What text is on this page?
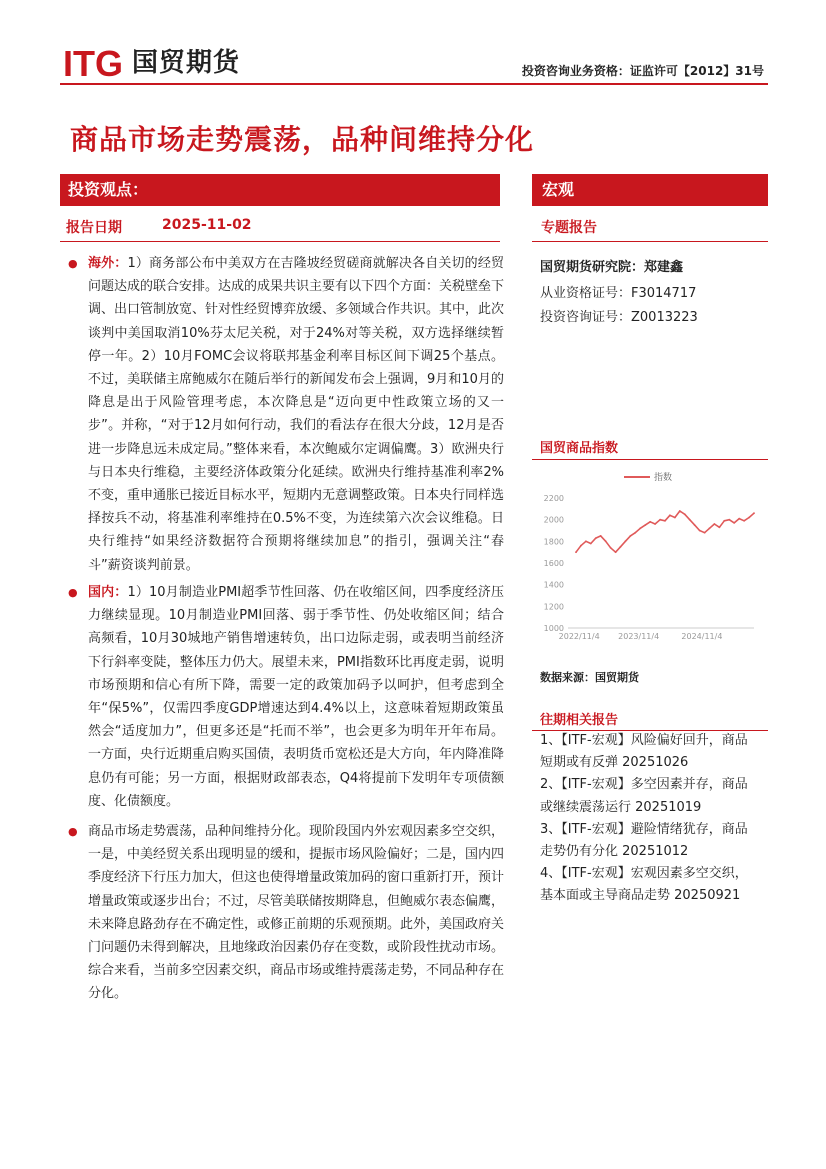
ITG 国贸期货	投资咨询业务资格：证监许可【2012】31号
商品市场走势震荡，品种间维持分化
投资观点：
报告日期	2025-11-02
● 海外：1）商务部公布中美双方在吉隆坡经贸磋商就解决各自关切的经贸问题达成的联合安排。达成的成果共识主要有以下四个方面：关税壁垒下调、出口管制放宽、针对性经贸博弈放缓、多领域合作共识。其中，此次谈判中美国取消10%芬太尼关税，对于24%对等关税，双方选择继续暂停一年。2）10月FOMC会议将联邦基金利率目标区间下调25个基点。不过，美联储主席鲍威尔在随后举行的新闻发布会上强调，9月和10月的降息是出于风险管理考虑，本次降息是“迈向更中性政策立场的又一步”。并称，“对于12月如何行动，我们的看法存在很大分歧，12月是否进一步降息远未成定局。”整体来看，本次鲍威尔定调偏鹰。3）欧洲央行与日本央行维稳，主要经济体政策分化延续。欧洲央行维持基准利率2%不变，重申通胀已接近目标水平，短期内无意调整政策。日本央行同样选择按兵不动，将基准利率维持在0.5%不变，为连续第六次会议维稳。日央行维持“如果经济数据符合预期将继续加息”的指引，强调关注“春斗”薪资谈判前景。
● 国内：1）10月制造业PMI超季节性回落、仍在收缩区间，四季度经济压力继续显现。10月制造业PMI回落、弱于季节性、仍处收缩区间；结合高频看，10月30城地产销售增速转负，出口边际走弱，或表明当前经济下行斜率变陡，整体压力仍大。展望未来，PMI指数环比再度走弱，说明市场预期和信心有所下降，需要一定的政策加码予以呵护，但考虑到全年“保5%”，仅需四季度GDP增速达到4.4%以上，这意味着短期政策虽然会“适度加力”，但更多还是“托而不举”，也会更多为明年开年布局。一方面，央行近期重启购买国债，表明货币宽松还是大方向，年内降准降息仍有可能；另一方面，根据财政部表态，Q4将提前下发明年专项债额度、化债额度。
● 商品市场走势震荡，品种间维持分化。现阶段国内外宏观因素多空交织，一是，中美经贸关系出现明显的缓和，提振市场风险偏好；二是，国内四季度经济下行压力加大，但这也使得增量政策加码的窗口重新打开，预计增量政策或逐步出台；不过，尽管美联储按期降息，但鲍威尔表态偏鹰，未来降息路劲存在不确定性，或修正前期的乐观预期。此外，美国政府关门问题仍未得到解决，且地缘政治因素仍存在变数，或阶段性扰动市场。综合来看，当前多空因素交织，商品市场或维持震荡走势，不同品种存在分化。
宏观
专题报告
国贸期货研究院：郑建鑫
从业资格证号：F3014717
投资咨询证号：Z0013223
国贸商品指数
1000
1200
1400
1600
1800
2000
2200
2022/11/4 2023/11/4	2024/11/4
指数
数据来源：国贸期货
往期相关报告

1、【ITF-宏观】风险偏好回升，商品短期或有反弹 20251026

2、【ITF-宏观】多空因素并存，商品或继续震荡运行 20251019

3、【ITF-宏观】避险情绪犹存，商品走势仍有分化 20251012

4、【ITF-宏观】宏观因素多空交织，基本面或主导商品走势 20250921
